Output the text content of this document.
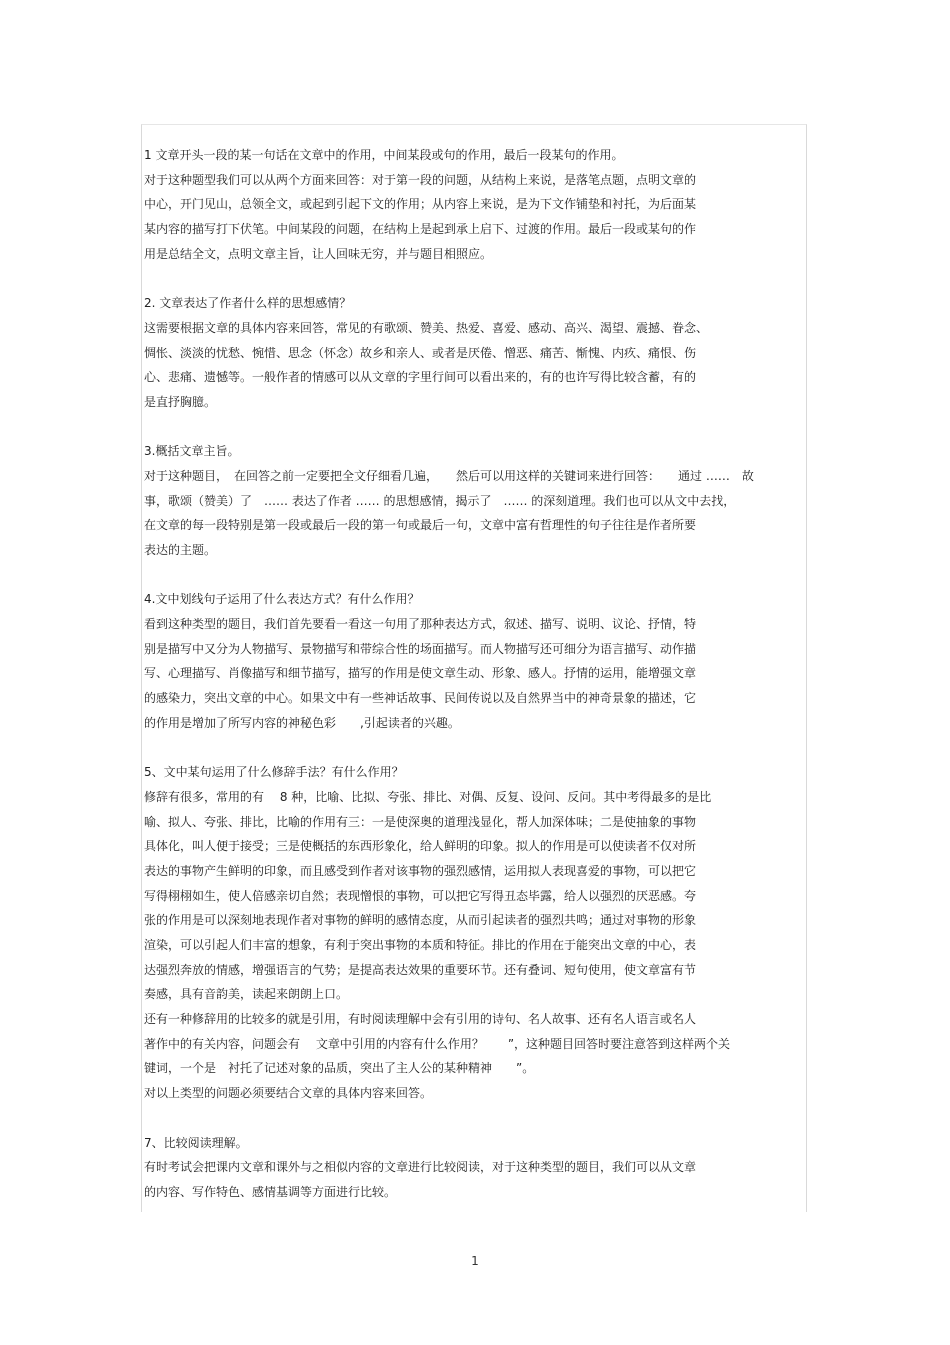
1 文章开头一段的某一句话在文章中的作用，中间某段或句的作用，最后一段某句的作用。
对于这种题型我们可以从两个方面来回答：对于第一段的问题，从结构上来说，是落笔点题，点明文章的
中心，开门见山，总领全文，或起到引起下文的作用；从内容上来说，是为下文作铺垫和衬托，为后面某
某内容的描写打下伏笔。中间某段的问题，在结构上是起到承上启下、过渡的作用。最后一段或某句的作
用是总结全文，点明文章主旨，让人回味无穷，并与题目相照应。
2. 文章表达了作者什么样的思想感情？
这需要根据文章的具体内容来回答，常见的有歌颂、赞美、热爱、喜爱、感动、高兴、渴望、震撼、眷念、
惆怅、淡淡的忧愁、惋惜、思念（怀念）故乡和亲人、或者是厌倦、憎恶、痛苦、惭愧、内疚、痛恨、伤
心、悲痛、遗憾等。一般作者的情感可以从文章的字里行间可以看出来的，有的也许写得比较含蓄，有的
是直抒胸臆。
3.概括文章主旨。
对于这种题目，　在回答之前一定要把全文仔细看几遍，　　然后可以用这样的关键词来进行回答：　　通过 ……　故
事，歌颂（赞美）了　…… 表达了作者 …… 的思想感情，揭示了　…… 的深刻道理。我们也可以从文中去找，
在文章的每一段特别是第一段或最后一段的第一句或最后一句，文章中富有哲理性的句子往往是作者所要
表达的主题。
4.文中划线句子运用了什么表达方式？有什么作用？
看到这种类型的题目，我们首先要看一看这一句用了那种表达方式，叙述、描写、说明、议论、抒情，特
别是描写中又分为人物描写、景物描写和带综合性的场面描写。而人物描写还可细分为语言描写、动作描
写、心理描写、肖像描写和细节描写，描写的作用是使文章生动、形象、感人。抒情的运用，能增强文章
的感染力，突出文章的中心。如果文中有一些神话故事、民间传说以及自然界当中的神奇景象的描述，它
的作用是增加了所写内容的神秘色彩　　,引起读者的兴趣。
5、文中某句运用了什么修辞手法？有什么作用？
修辞有很多，常用的有　 8 种，比喻、比拟、夸张、排比、对偶、反复、设问、反问。其中考得最多的是比
喻、拟人、夸张、排比，比喻的作用有三：一是使深奥的道理浅显化，帮人加深体味；二是使抽象的事物
具体化，叫人便于接受；三是使概括的东西形象化，给人鲜明的印象。拟人的作用是可以使读者不仅对所
表达的事物产生鲜明的印象，而且感受到作者对该事物的强烈感情，运用拟人表现喜爱的事物，可以把它
写得栩栩如生，使人倍感亲切自然；表现憎恨的事物，可以把它写得丑态毕露，给人以强烈的厌恶感。夸
张的作用是可以深刻地表现作者对事物的鲜明的感情态度，从而引起读者的强烈共鸣；通过对事物的形象
渲染，可以引起人们丰富的想象，有利于突出事物的本质和特征。排比的作用在于能突出文章的中心，表
达强烈奔放的情感，增强语言的气势；是提高表达效果的重要环节。还有叠词、短句使用，使文章富有节
奏感，具有音韵美，读起来朗朗上口。
还有一种修辞用的比较多的就是引用，有时阅读理解中会有引用的诗句、名人故事、还有名人语言或名人
著作中的有关内容，问题会有　 文章中引用的内容有什么作用？　　”，这种题目回答时要注意答到这样两个关
键词，一个是　衬托了记述对象的品质，突出了主人公的某种精神　　”。
对以上类型的问题必须要结合文章的具体内容来回答。
7、比较阅读理解。
有时考试会把课内文章和课外与之相似内容的文章进行比较阅读，对于这种类型的题目，我们可以从文章
的内容、写作特色、感情基调等方面进行比较。
1
